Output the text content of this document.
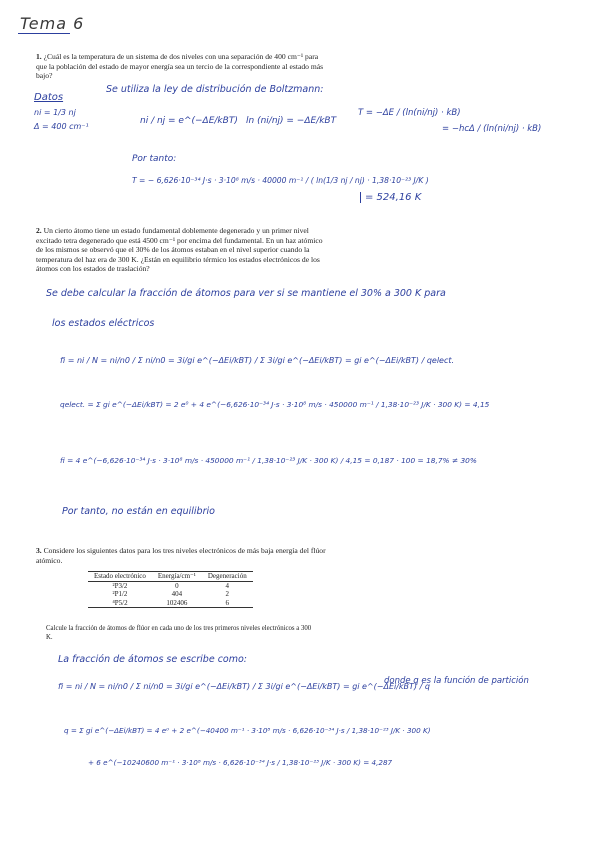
Tema 6
1. ¿Cuál es la temperatura de un sistema de dos niveles con una separación de 400 cm⁻¹ para que la población del estado de mayor energía sea un tercio de la correspondiente al estado más bajo?
Datos
ni = 1/3 nj
Δ = 400 cm⁻¹
Se utiliza la ley de distribución de Boltzmann:
ni / nj = e^(−ΔE/kBT) ln (ni/nj) = −ΔE/kBT
T = −ΔE / (ln(ni/nj) · kB)
= −hcΔ / (ln(ni/nj) · kB)
Por tanto:
T = − 6,626·10⁻³⁴ J·s · 3·10⁸ m/s · 40000 m⁻¹ / ( ln(1/3 nj / nj) · 1,38·10⁻²³ J/K )
= 524,16 K
2. Un cierto átomo tiene un estado fundamental doblemente degenerado y un primer nivel excitado tetra degenerado que está 4500 cm⁻¹ por encima del fundamental. En un haz atómico de los mismos se observó que el 30% de los átomos estaban en el nivel superior cuando la temperatura del haz era de 300 K. ¿Están en equilibrio térmico los estados electrónicos de los átomos con los estados de traslación?
Se debe calcular la fracción de átomos para ver si se mantiene el 30% a 300 K para
los estados eléctricos
fi = ni / N = ni/n0 / Σ ni/n0 = 3i/gi e^(−ΔEi/kBT) / Σ 3i/gi e^(−ΔEi/kBT) = gi e^(−ΔEi/kBT) / qelect.
qelect. = Σ gi e^(−ΔEi/kBT) = 2 e⁰ + 4 e^(−6,626·10⁻³⁴ J·s · 3·10⁸ m/s · 450000 m⁻¹ / 1,38·10⁻²³ J/K · 300 K) = 4,15
fi = 4 e^(−6,626·10⁻³⁴ J·s · 3·10⁸ m/s · 450000 m⁻¹ / 1,38·10⁻²³ J/K · 300 K) / 4,15 = 0,187 · 100 = 18,7% ≠ 30%
Por tanto, no están en equilibrio
3. Considere los siguientes datos para los tres niveles electrónicos de más baja energía del flúor atómico.
Estado electrónico	Energía/cm⁻¹	Degeneración
²P3/2	0	4
²P1/2	404	2
⁴P5/2	102406	6
Calcule la fracción de átomos de flúor en cada uno de los tres primeros niveles electrónicos a 300 K.
La fracción de átomos se escribe como:
fi = ni / N = ni/n0 / Σ ni/n0 = 3i/gi e^(−ΔEi/kBT) / Σ 3i/gi e^(−ΔEi/kBT) = gi e^(−ΔEi/kBT) / q
donde q es la función de partición
q = Σ gi e^(−ΔEi/kBT) = 4 e⁰ + 2 e^(−40400 m⁻¹ · 3·10⁸ m/s · 6,626·10⁻³⁴ J·s / 1,38·10⁻²³ J/K · 300 K)
+ 6 e^(−10240600 m⁻¹ · 3·10⁸ m/s · 6,626·10⁻³⁴ J·s / 1,38·10⁻²³ J/K · 300 K) = 4,287
